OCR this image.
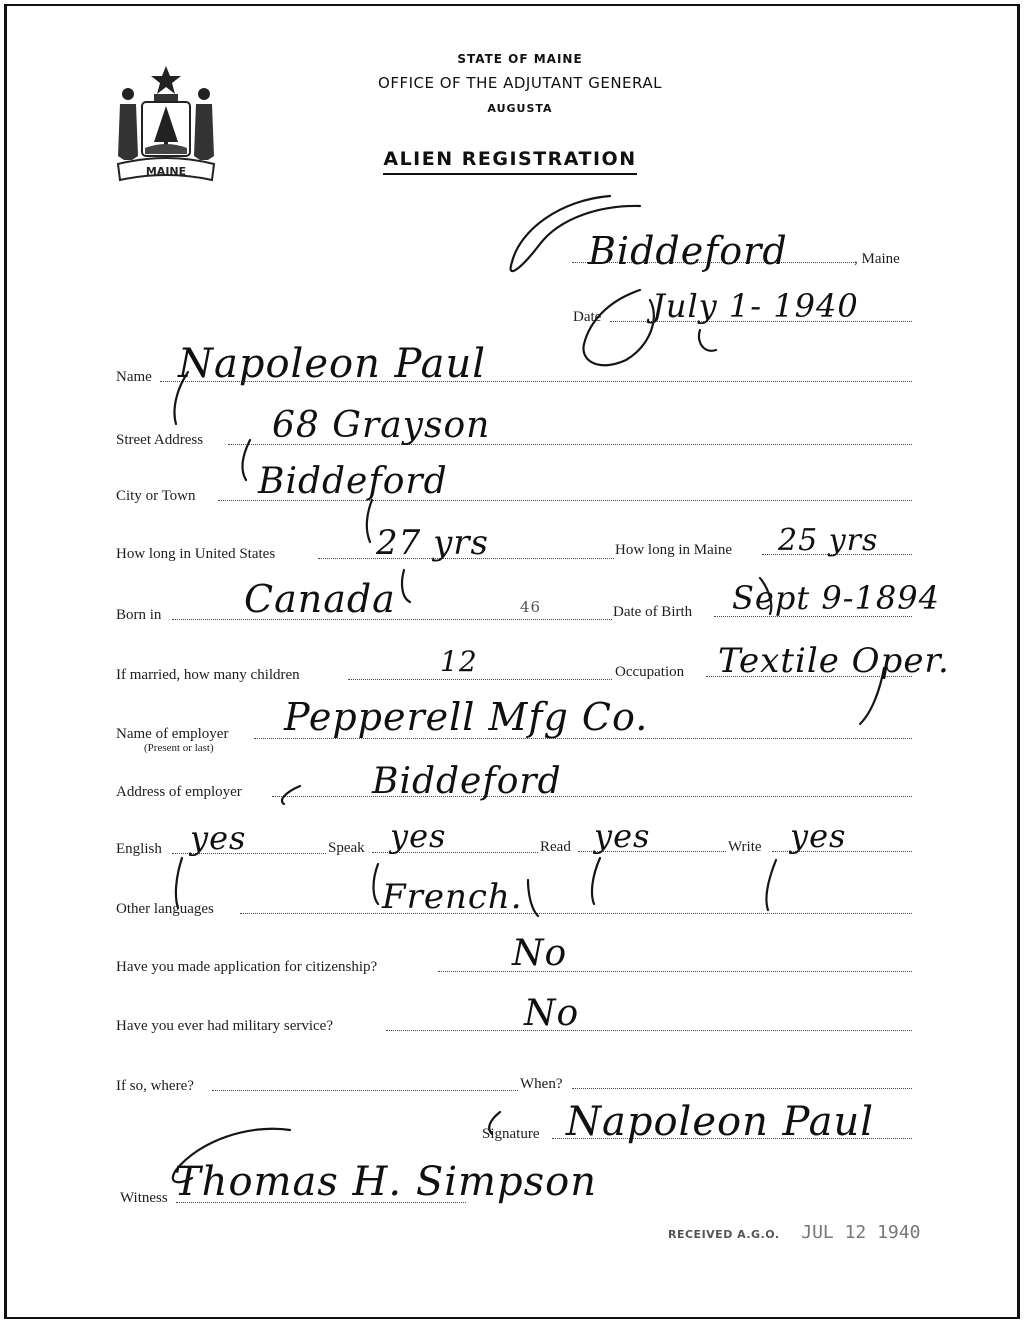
MAINE
STATE OF MAINE
OFFICE OF THE ADJUTANT GENERAL
AUGUSTA
ALIEN REGISTRATION
, Maine
Biddeford
Date July 1- 1940
Name Napoleon Paul
Street Address 68 Grayson
City or Town Biddeford
How long in United States	27 yrs	How long in Maine 25 yrs
Born in Canada	46	Date of Birth Sept 9-1894
If married, how many children	12	Occupation Textile Oper.
Name of employer
(Present or last)
Pepperell Mfg Co.
Address of employer	Biddeford
English yes	Speak yes	Read yes	Write yes
Other languages	French.
Have you made application for citizenship?	No
Have you ever had military service?	No
If so, where?	When?
Signature Napoleon Paul
Witness Thomas H. Simpson
RECEIVED A.G.O. JUL 12 1940
